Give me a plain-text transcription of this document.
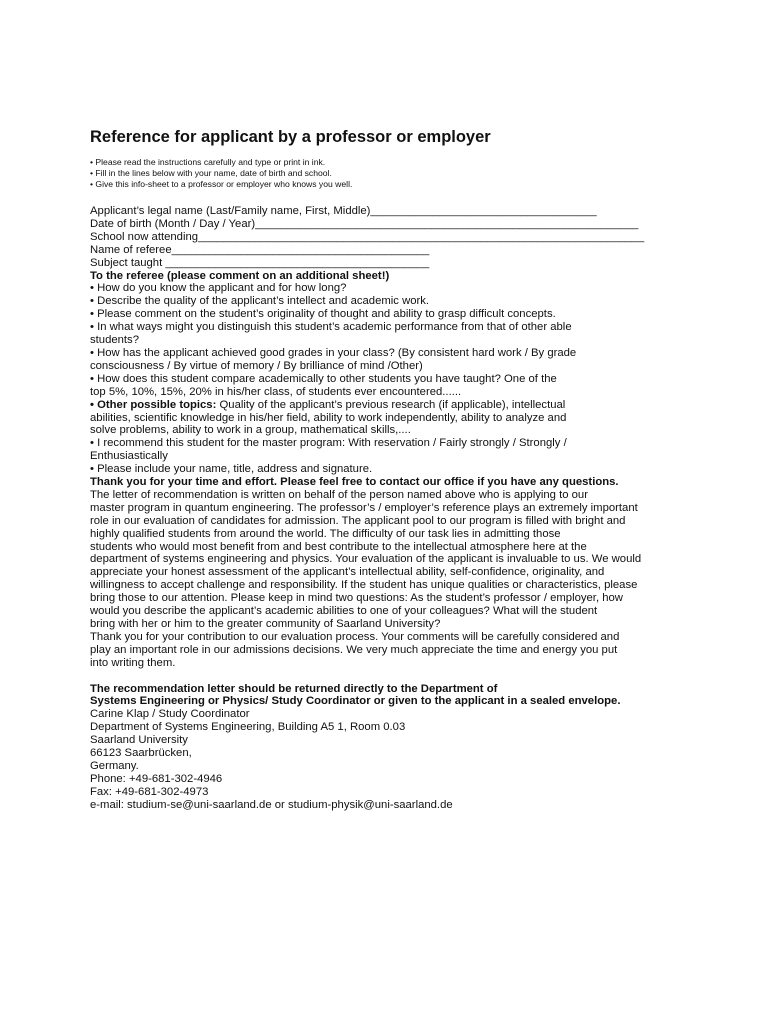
Reference for applicant by a professor or employer
• Please read the instructions carefully and type or print in ink.
• Fill in the lines below with your name, date of birth and school.
• Give this info-sheet to a professor or employer who knows you well.
Applicant’s legal name (Last/Family name, First, Middle)____________________________________
Date of birth (Month / Day / Year)_____________________________________________________________
School now attending_______________________________________________________________________
Name of referee_________________________________________
Subject taught __________________________________________
To the referee (please comment on an additional sheet!)
• How do you know the applicant and for how long?
• Describe the quality of the applicant’s intellect and academic work.
• Please comment on the student’s originality of thought and ability to grasp difficult concepts.
• In what ways might you distinguish this student’s academic performance from that of other able
students?
• How has the applicant achieved good grades in your class? (By consistent hard work / By grade
consciousness / By virtue of memory / By brilliance of mind /Other)
• How does this student compare academically to other students you have taught? One of the
top 5%, 10%, 15%, 20% in his/her class, of students ever encountered......
• Other possible topics: Quality of the applicant’s previous research (if applicable), intellectual
abilities, scientific knowledge in his/her field, ability to work independently, ability to analyze and
solve problems, ability to work in a group, mathematical skills,....
• I recommend this student for the master program: With reservation / Fairly strongly / Strongly /
Enthusiastically
• Please include your name, title, address and signature.
Thank you for your time and effort. Please feel free to contact our office if you have any questions.
The letter of recommendation is written on behalf of the person named above who is applying to our
master program in quantum engineering. The professor’s / employer’s reference plays an extremely important
role in our evaluation of candidates for admission. The applicant pool to our program is filled with bright and
highly qualified students from around the world. The difficulty of our task lies in admitting those
students who would most benefit from and best contribute to the intellectual atmosphere here at the
department of systems engineering and physics. Your evaluation of the applicant is invaluable to us. We would
appreciate your honest assessment of the applicant’s intellectual ability, self-confidence, originality, and
willingness to accept challenge and responsibility. If the student has unique qualities or characteristics, please
bring those to our attention. Please keep in mind two questions: As the student’s professor / employer, how
would you describe the applicant’s academic abilities to one of your colleagues? What will the student
bring with her or him to the greater community of Saarland University?
Thank you for your contribution to our evaluation process. Your comments will be carefully considered and
play an important role in our admissions decisions. We very much appreciate the time and energy you put
into writing them.
The recommendation letter should be returned directly to the Department of
Systems Engineering or Physics/ Study Coordinator or given to the applicant in a sealed envelope.
Carine Klap / Study Coordinator
Department of Systems Engineering, Building A5 1, Room 0.03
Saarland University
66123 Saarbrücken,
Germany.
Phone: +49-681-302-4946
Fax: +49-681-302-4973
e-mail: studium-se@uni-saarland.de or studium-physik@uni-saarland.de
